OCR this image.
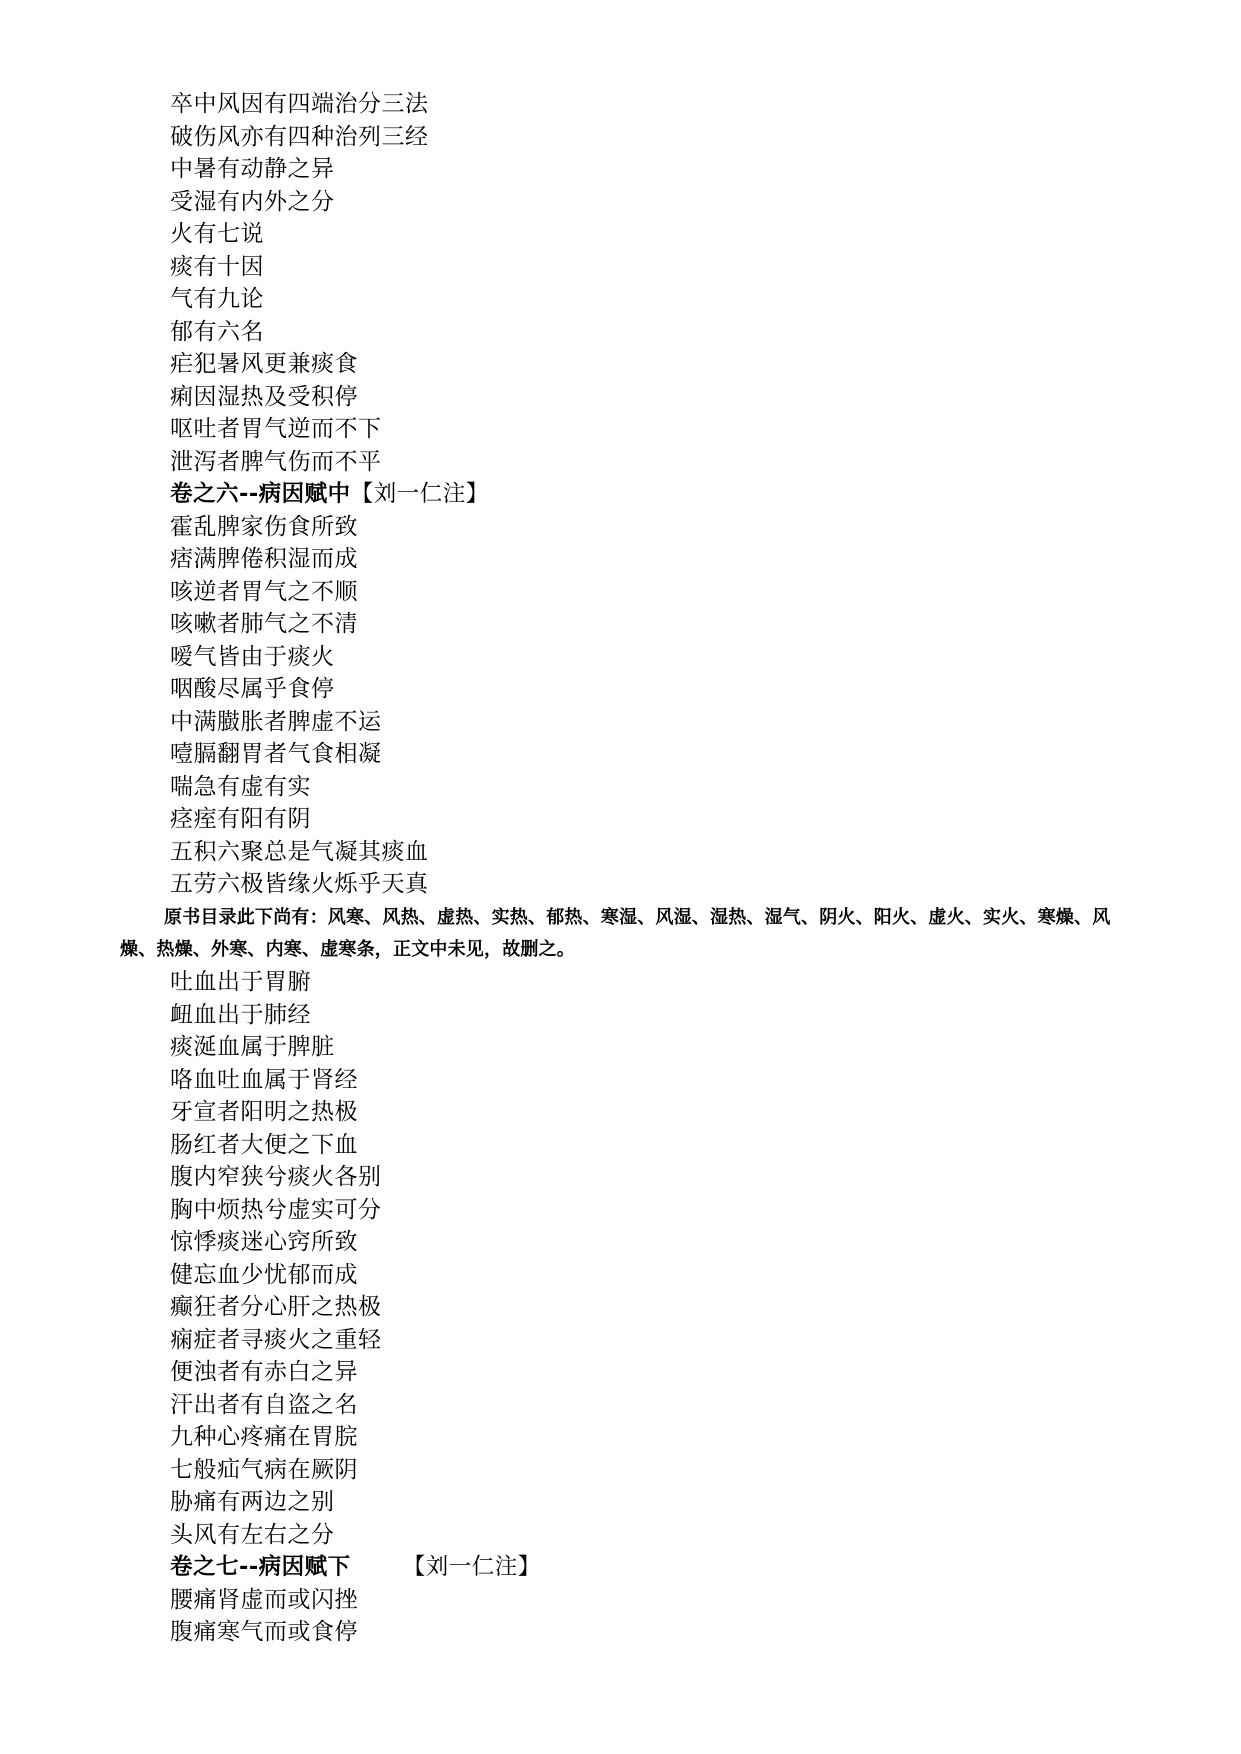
卒中风因有四端治分三法
破伤风亦有四种治列三经
中暑有动静之异
受湿有内外之分
火有七说
痰有十因
气有九论
郁有六名
疟犯暑风更兼痰食
痢因湿热及受积停
呕吐者胃气逆而不下
泄泻者脾气伤而不平
卷之六--病因赋中【刘一仁注】
霍乱脾家伤食所致
痞满脾倦积湿而成
咳逆者胃气之不顺
咳嗽者肺气之不清
嗳气皆由于痰火
咽酸尽属乎食停
中满臌胀者脾虚不运
噎膈翻胃者气食相凝
喘急有虚有实
痉痓有阳有阴
五积六聚总是气凝其痰血
五劳六极皆缘火烁乎天真
原书目录此下尚有：风寒、风热、虚热、实热、郁热、寒湿、风湿、湿热、湿气、阴火、阳火、虚火、实火、寒燥、风燥、热燥、外寒、内寒、虚寒条，正文中未见，故删之。
吐血出于胃腑
衄血出于肺经
痰涎血属于脾脏
咯血吐血属于肾经
牙宣者阳明之热极
肠红者大便之下血
腹内窄狭兮痰火各别
胸中烦热兮虚实可分
惊悸痰迷心窍所致
健忘血少忧郁而成
癫狂者分心肝之热极
痫症者寻痰火之重轻
便浊者有赤白之异
汗出者有自盗之名
九种心疼痛在胃脘
七般疝气病在厥阴
胁痛有两边之别
头风有左右之分
卷之七--病因赋下 【刘一仁注】
腰痛肾虚而或闪挫
腹痛寒气而或食停
